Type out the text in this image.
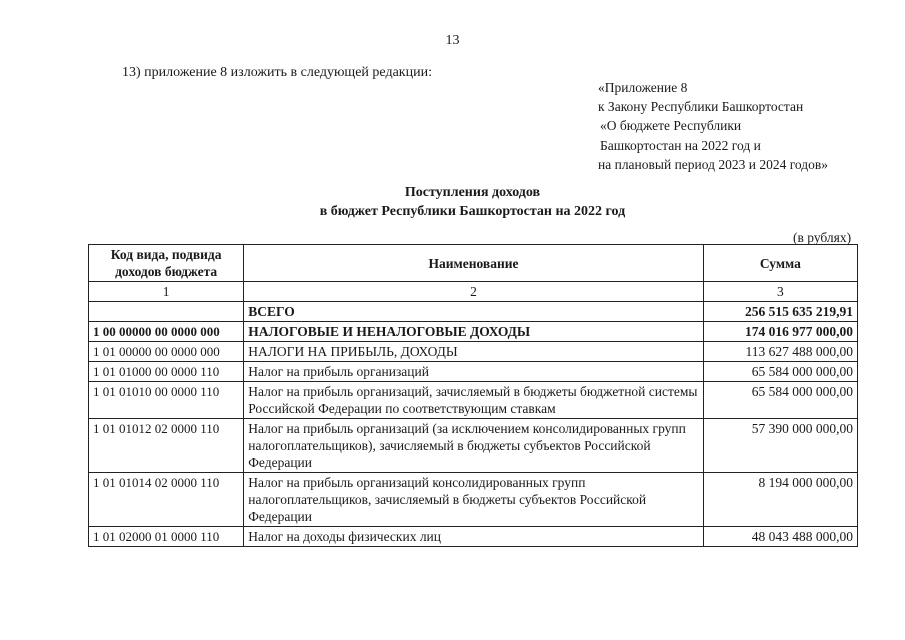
13
13) приложение 8 изложить в следующей редакции:
«Приложение 8
к Закону Республики Башкортостан
«О бюджете Республики
Башкортостан на 2022 год и
на плановый период 2023 и 2024 годов»
Поступления доходов
в бюджет Республики Башкортостан на 2022 год
(в рублях)
Код вида, подвида доходов бюджета	Наименование	Сумма
1	2	3
	ВСЕГО	256 515 635 219,91
1 00 00000 00 0000 000	НАЛОГОВЫЕ И НЕНАЛОГОВЫЕ ДОХОДЫ	174 016 977 000,00
1 01 00000 00 0000 000	НАЛОГИ НА ПРИБЫЛЬ, ДОХОДЫ	113 627 488 000,00
1 01 01000 00 0000 110	Налог на прибыль организаций	65 584 000 000,00
1 01 01010 00 0000 110	Налог на прибыль организаций, зачисляемый в бюджеты бюджетной системы Российской Федерации по соответствующим ставкам	65 584 000 000,00
1 01 01012 02 0000 110	Налог на прибыль организаций (за исключением консолидированных групп налогоплательщиков), зачисляемый в бюджеты субъектов Российской Федерации	57 390 000 000,00
1 01 01014 02 0000 110	Налог на прибыль организаций консолидированных групп налогоплательщиков, зачисляемый в бюджеты субъектов Российской Федерации	8 194 000 000,00
1 01 02000 01 0000 110	Налог на доходы физических лиц	48 043 488 000,00
